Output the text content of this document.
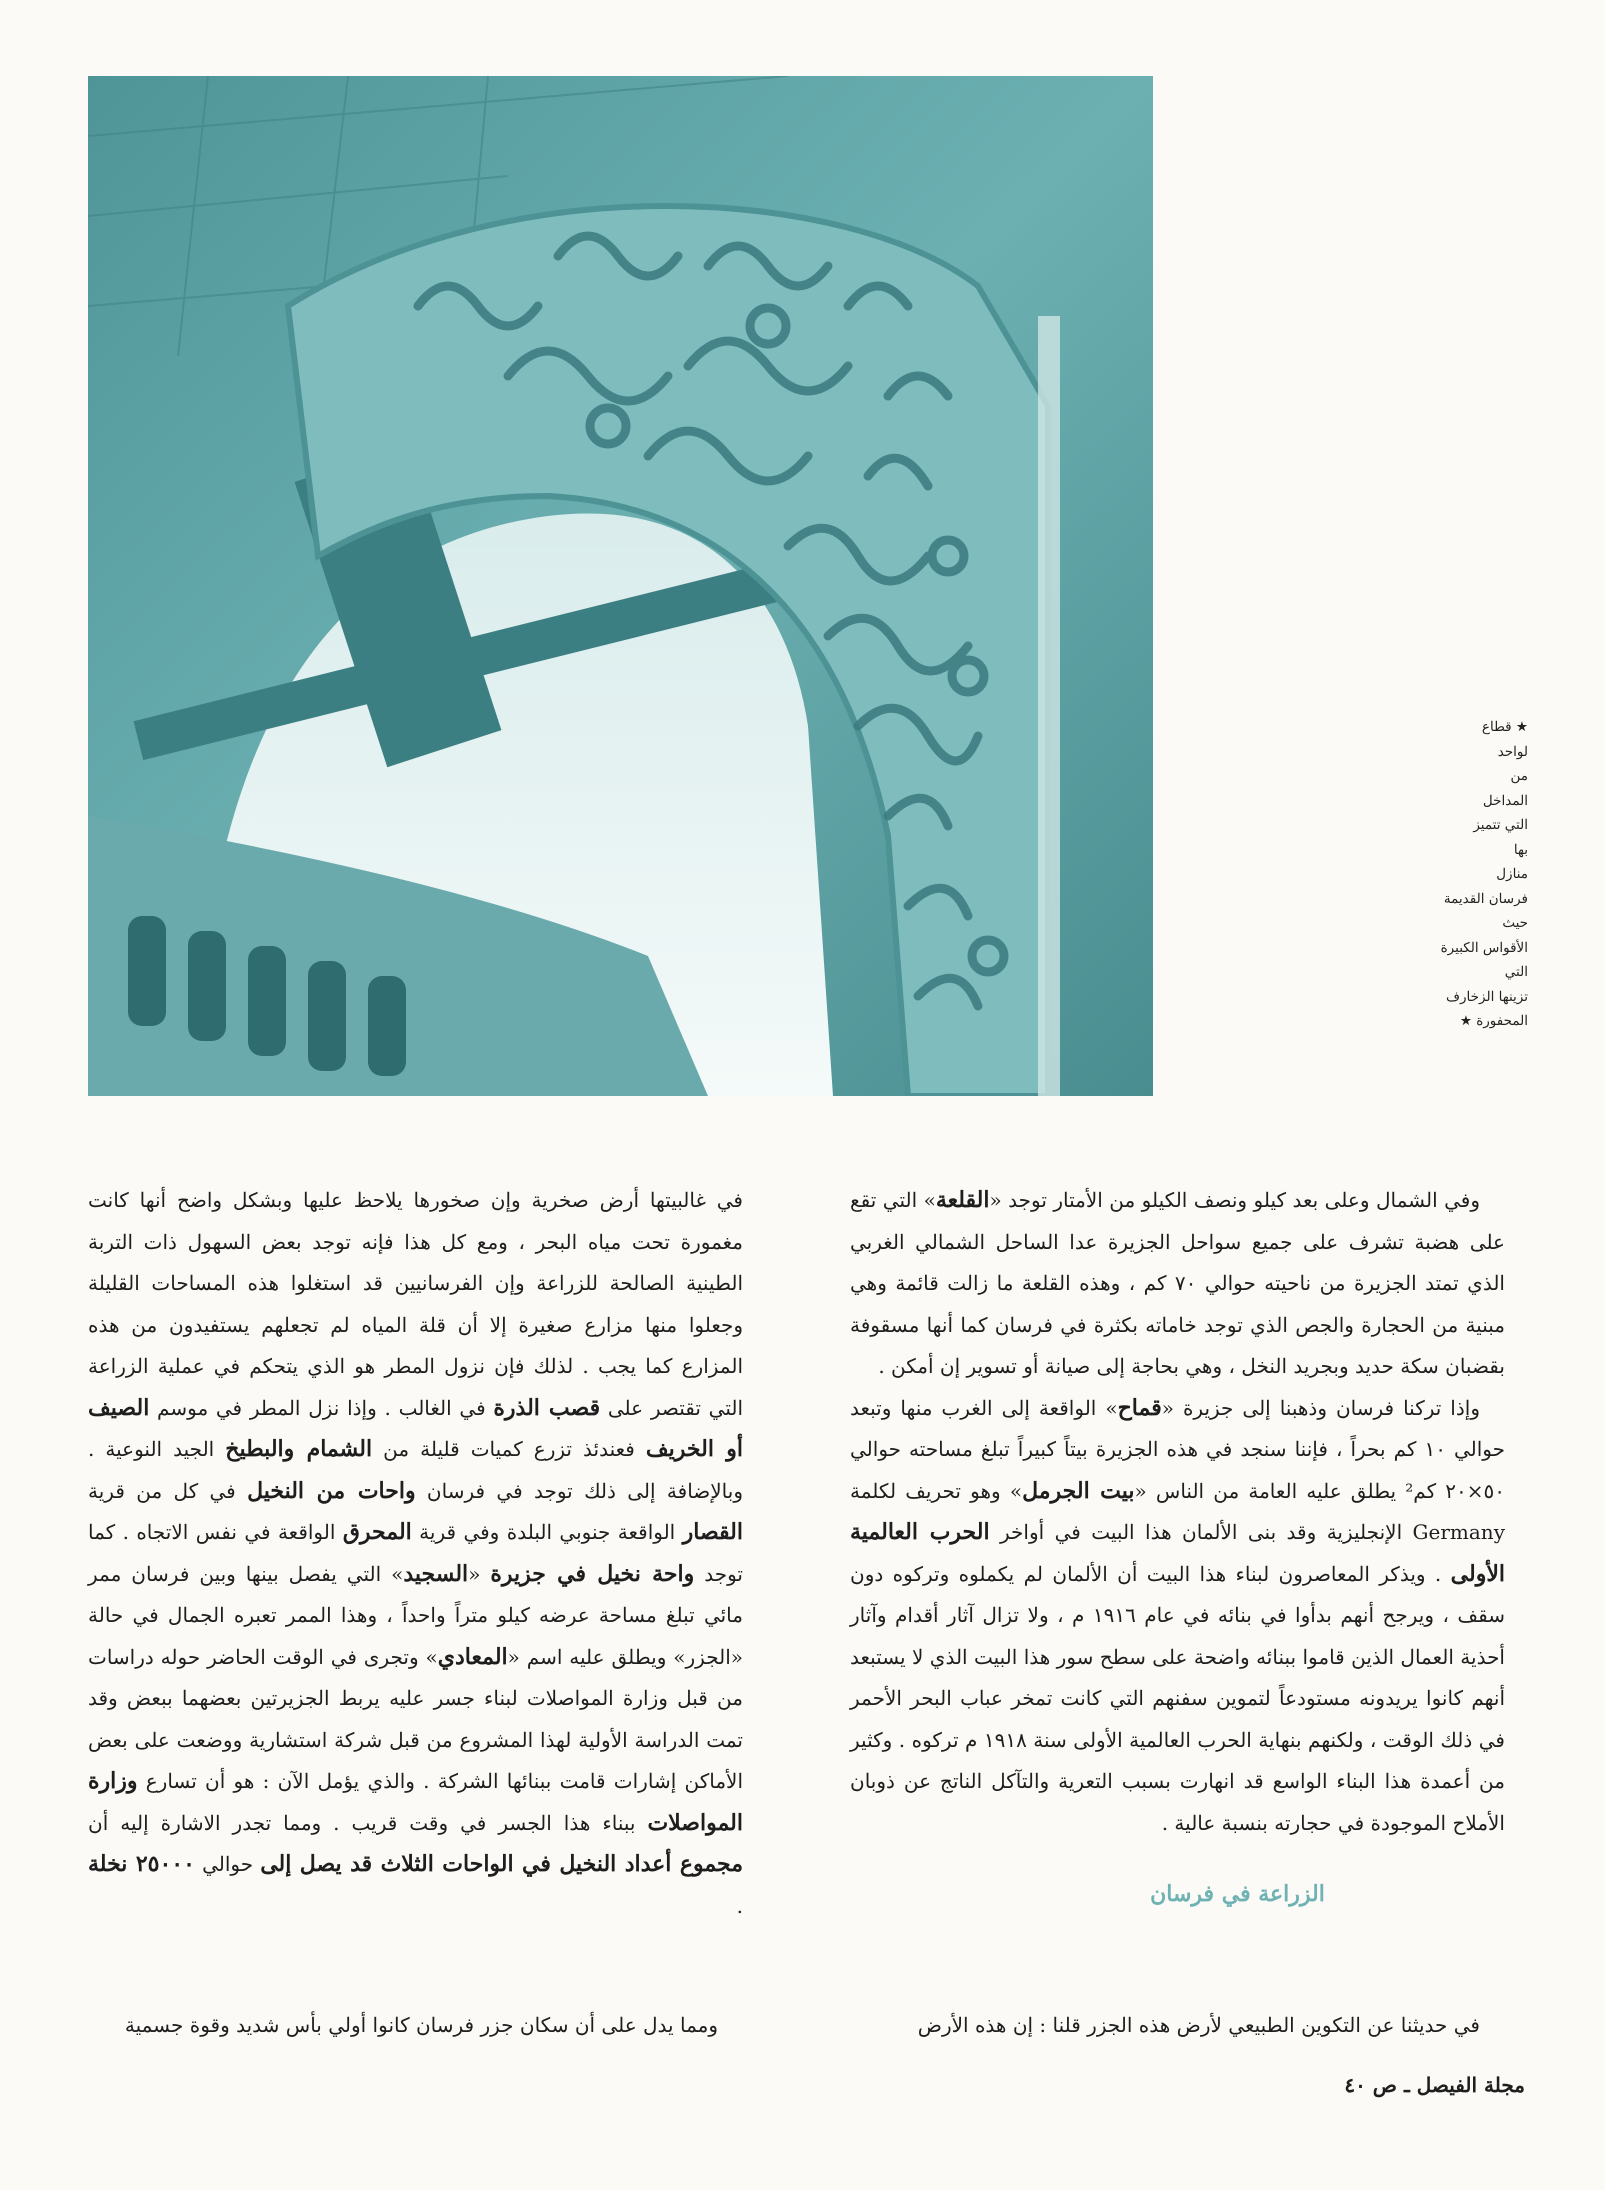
★ قطاع

لواحد

من

المداخل

التي تتميز

بها

منازل

فرسان القديمة

حيث

الأقواس الكبيرة

التي

تزينها الزخارف

المحفورة ★

وفي الشمال وعلى بعد كيلو ونصف الكيلو من الأمتار توجد «القلعة» التي تقع على هضبة تشرف على جميع سواحل الجزيرة عدا الساحل الشمالي الغربي الذي تمتد الجزيرة من ناحيته حوالي ٧٠ كم ، وهذه القلعة ما زالت قائمة وهي مبنية من الحجارة والجص الذي توجد خاماته بكثرة في فرسان كما أنها مسقوفة بقضبان سكة حديد وبجريد النخل ، وهي بحاجة إلى صيانة أو تسوير إن أمكن .

وإذا تركنا فرسان وذهبنا إلى جزيرة «قماح» الواقعة إلى الغرب منها وتبعد حوالي ١٠ كم بحراً ، فإننا سنجد في هذه الجزيرة بيتاً كبيراً تبلغ مساحته حوالي ٥٠×٢٠ كم² يطلق عليه العامة من الناس «بيت الجرمل» وهو تحريف لكلمة Germany الإنجليزية وقد بنى الألمان هذا البيت في أواخر الحرب العالمية الأولى . ويذكر المعاصرون لبناء هذا البيت أن الألمان لم يكملوه وتركوه دون سقف ، ويرجح أنهم بدأوا في بنائه في عام ١٩١٦ م ، ولا تزال آثار أقدام وآثار أحذية العمال الذين قاموا ببنائه واضحة على سطح سور هذا البيت الذي لا يستبعد أنهم كانوا يريدونه مستودعاً لتموين سفنهم التي كانت تمخر عباب البحر الأحمر في ذلك الوقت ، ولكنهم بنهاية الحرب العالمية الأولى سنة ١٩١٨ م تركوه . وكثير من أعمدة هذا البناء الواسع قد انهارت بسبب التعرية والتآكل الناتج عن ذوبان الأملاح الموجودة في حجارته بنسبة عالية .

الزراعة في فرسان
في حديثنا عن التكوين الطبيعي لأرض هذه الجزر قلنا : إن هذه الأرض

في غالبيتها أرض صخرية وإن صخورها يلاحظ عليها وبشكل واضح أنها كانت مغمورة تحت مياه البحر ، ومع كل هذا فإنه توجد بعض السهول ذات التربة الطينية الصالحة للزراعة وإن الفرسانيين قد استغلوا هذه المساحات القليلة وجعلوا منها مزارع صغيرة إلا أن قلة المياه لم تجعلهم يستفيدون من هذه المزارع كما يجب . لذلك فإن نزول المطر هو الذي يتحكم في عملية الزراعة التي تقتصر على قصب الذرة في الغالب . وإذا نزل المطر في موسم الصيف أو الخريف فعندئذ تزرع كميات قليلة من الشمام والبطيخ الجيد النوعية . وبالإضافة إلى ذلك توجد في فرسان واحات من النخيل في كل من قرية القصار الواقعة جنوبي البلدة وفي قرية المحرق الواقعة في نفس الاتجاه . كما توجد واحة نخيل في جزيرة «السجيد» التي يفصل بينها وبين فرسان ممر مائي تبلغ مساحة عرضه كيلو متراً واحداً ، وهذا الممر تعبره الجمال في حالة «الجزر» ويطلق عليه اسم «المعادي» وتجرى في الوقت الحاضر حوله دراسات من قبل وزارة المواصلات لبناء جسر عليه يربط الجزيرتين بعضهما ببعض وقد تمت الدراسة الأولية لهذا المشروع من قبل شركة استشارية ووضعت على بعض الأماكن إشارات قامت ببنائها الشركة . والذي يؤمل الآن : هو أن تسارع وزارة المواصلات ببناء هذا الجسر في وقت قريب . ومما تجدر الاشارة إليه أن مجموع أعداد النخيل في الواحات الثلاث قد يصل إلى حوالي ٢٥٠٠٠ نخلة .

ومما يدل على أن سكان جزر فرسان كانوا أولي بأس شديد وقوة جسمية
مجلة الفيصل ـ ص ٤٠
